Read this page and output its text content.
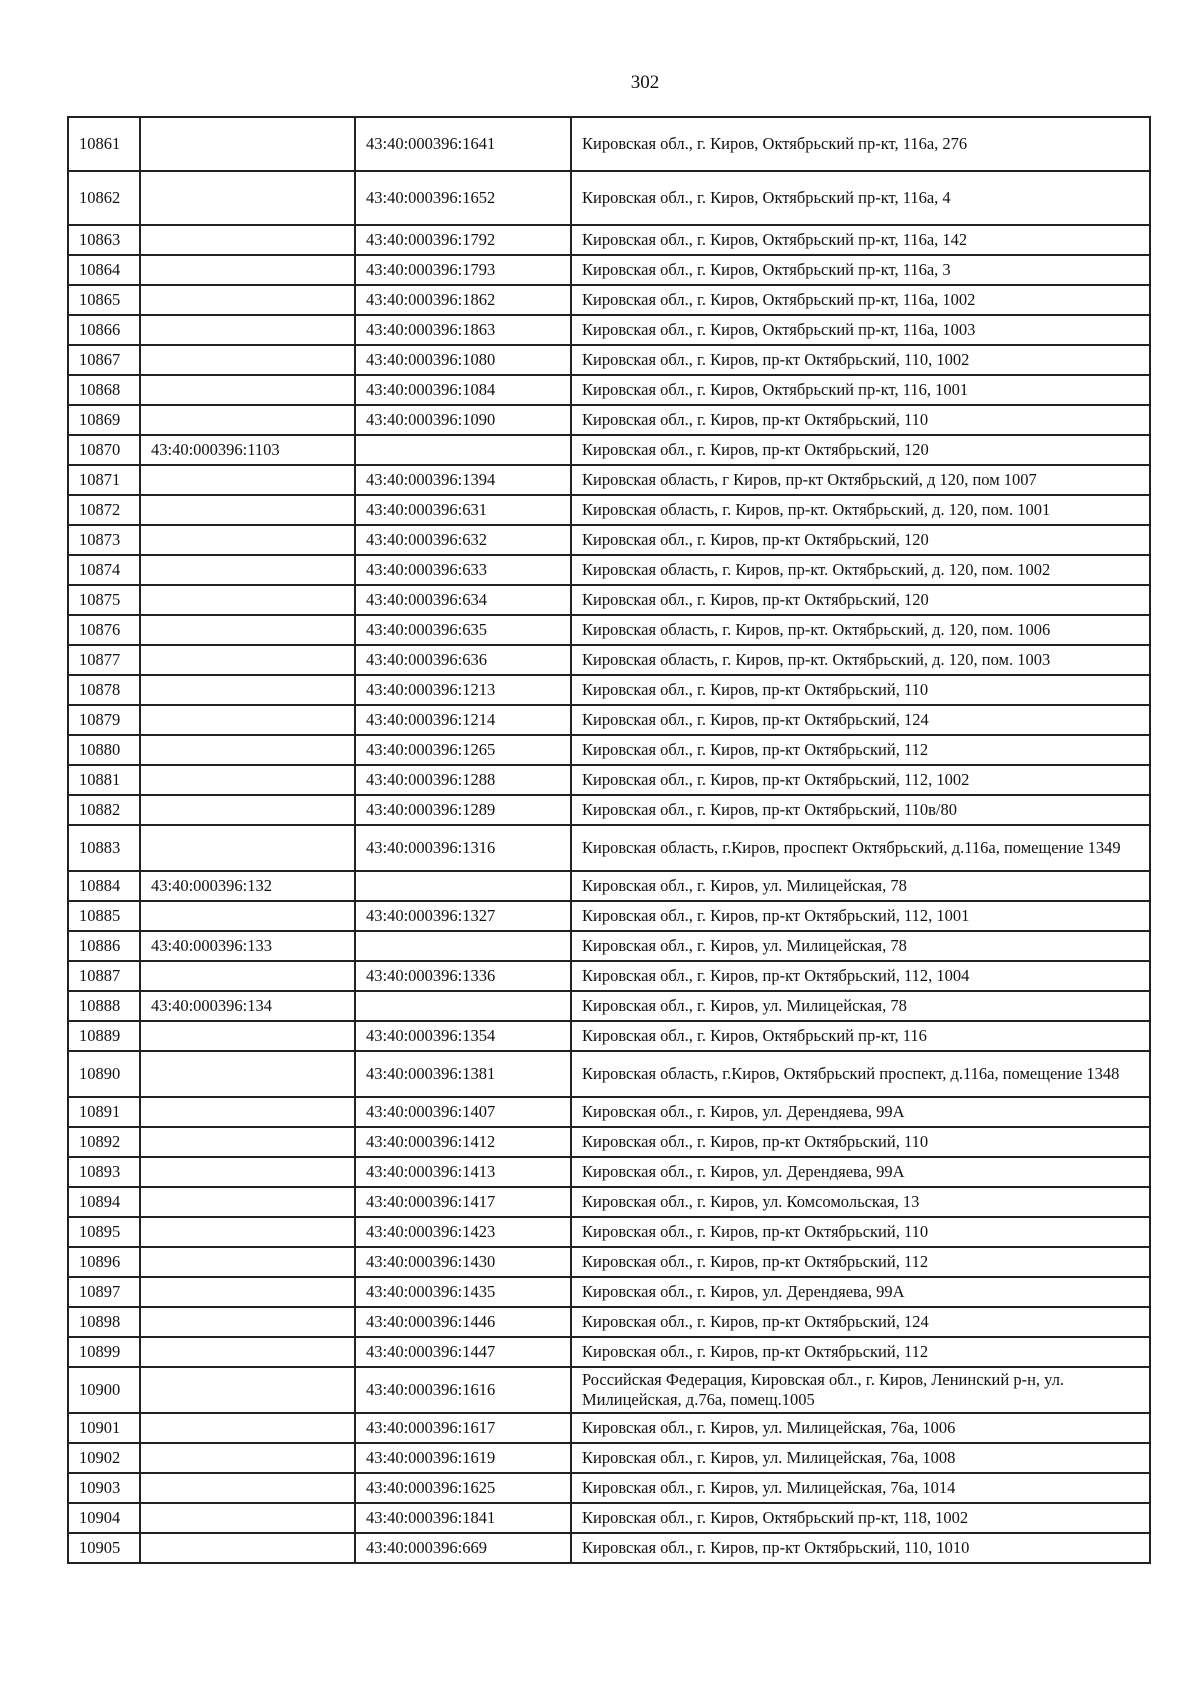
302
10861		43:40:000396:1641	Кировская обл., г. Киров, Октябрьский пр-кт, 116а, 276

10862		43:40:000396:1652	Кировская обл., г. Киров, Октябрьский пр-кт, 116а, 4

10863		43:40:000396:1792	Кировская обл., г. Киров, Октябрьский пр-кт, 116а, 142

10864		43:40:000396:1793	Кировская обл., г. Киров, Октябрьский пр-кт, 116а, 3

10865		43:40:000396:1862	Кировская обл., г. Киров, Октябрьский пр-кт, 116а, 1002

10866		43:40:000396:1863	Кировская обл., г. Киров, Октябрьский пр-кт, 116а, 1003

10867		43:40:000396:1080	Кировская обл., г. Киров, пр-кт Октябрьский, 110, 1002

10868		43:40:000396:1084	Кировская обл., г. Киров, Октябрьский пр-кт, 116, 1001

10869		43:40:000396:1090	Кировская обл., г. Киров, пр-кт Октябрьский, 110

10870	43:40:000396:1103		Кировская обл., г. Киров, пр-кт Октябрьский, 120

10871		43:40:000396:1394	Кировская область, г Киров, пр-кт Октябрьский, д 120, пом 1007

10872		43:40:000396:631	Кировская область, г. Киров, пр-кт. Октябрьский, д. 120, пом. 1001

10873		43:40:000396:632	Кировская обл., г. Киров, пр-кт Октябрьский, 120

10874		43:40:000396:633	Кировская область, г. Киров, пр-кт. Октябрьский, д. 120, пом. 1002

10875		43:40:000396:634	Кировская обл., г. Киров, пр-кт Октябрьский, 120

10876		43:40:000396:635	Кировская область, г. Киров, пр-кт. Октябрьский, д. 120, пом. 1006

10877		43:40:000396:636	Кировская область, г. Киров, пр-кт. Октябрьский, д. 120, пом. 1003

10878		43:40:000396:1213	Кировская обл., г. Киров, пр-кт Октябрьский, 110

10879		43:40:000396:1214	Кировская обл., г. Киров, пр-кт Октябрьский, 124

10880		43:40:000396:1265	Кировская обл., г. Киров, пр-кт Октябрьский, 112

10881		43:40:000396:1288	Кировская обл., г. Киров, пр-кт Октябрьский, 112, 1002

10882		43:40:000396:1289	Кировская обл., г. Киров, пр-кт Октябрьский, 110в/80

10883		43:40:000396:1316	Кировская область, г.Киров, проспект Октябрьский, д.116а, помещение 1349

10884	43:40:000396:132		Кировская обл., г. Киров, ул. Милицейская, 78

10885		43:40:000396:1327	Кировская обл., г. Киров, пр-кт Октябрьский, 112, 1001

10886	43:40:000396:133		Кировская обл., г. Киров, ул. Милицейская, 78

10887		43:40:000396:1336	Кировская обл., г. Киров, пр-кт Октябрьский, 112, 1004

10888	43:40:000396:134		Кировская обл., г. Киров, ул. Милицейская, 78

10889		43:40:000396:1354	Кировская обл., г. Киров, Октябрьский пр-кт, 116

10890		43:40:000396:1381	Кировская область, г.Киров, Октябрьский проспект, д.116а, помещение 1348

10891		43:40:000396:1407	Кировская обл., г. Киров, ул. Дерендяева, 99А

10892		43:40:000396:1412	Кировская обл., г. Киров, пр-кт Октябрьский, 110

10893		43:40:000396:1413	Кировская обл., г. Киров, ул. Дерендяева, 99А

10894		43:40:000396:1417	Кировская обл., г. Киров, ул. Комсомольская, 13

10895		43:40:000396:1423	Кировская обл., г. Киров, пр-кт Октябрьский, 110

10896		43:40:000396:1430	Кировская обл., г. Киров, пр-кт Октябрьский, 112

10897		43:40:000396:1435	Кировская обл., г. Киров, ул. Дерендяева, 99А

10898		43:40:000396:1446	Кировская обл., г. Киров, пр-кт Октябрьский, 124

10899		43:40:000396:1447	Кировская обл., г. Киров, пр-кт Октябрьский, 112

10900		43:40:000396:1616	Российская Федерация, Кировская обл., г. Киров, Ленинский р-н, ул. Милицейская, д.76а, помещ.1005

10901		43:40:000396:1617	Кировская обл., г. Киров, ул. Милицейская, 76а, 1006

10902		43:40:000396:1619	Кировская обл., г. Киров, ул. Милицейская, 76а, 1008

10903		43:40:000396:1625	Кировская обл., г. Киров, ул. Милицейская, 76а, 1014

10904		43:40:000396:1841	Кировская обл., г. Киров, Октябрьский пр-кт, 118, 1002

10905		43:40:000396:669	Кировская обл., г. Киров, пр-кт Октябрьский, 110, 1010
